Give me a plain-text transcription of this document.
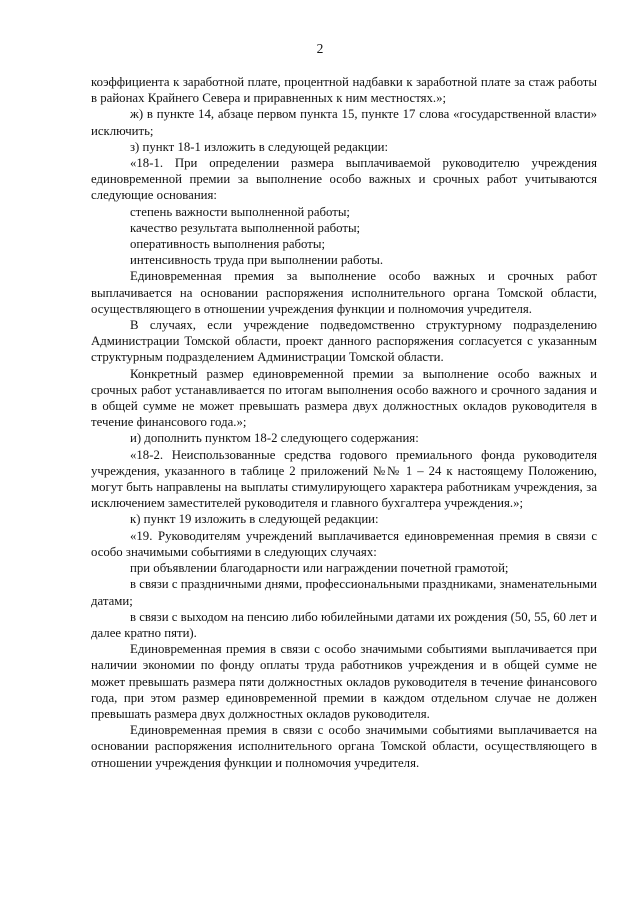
2

коэффициента к заработной плате, процентной надбавки к заработной плате за стаж работы в районах Крайнего Севера и приравненных к ним местностях.»;

ж) в пункте 14, абзаце первом пункта 15, пункте 17 слова «государственной власти» исключить;

з) пункт 18-1 изложить в следующей редакции:

«18-1. При определении размера выплачиваемой руководителю учреждения единовременной премии за выполнение особо важных и срочных работ учитываются следующие основания:

степень важности выполненной работы;

качество результата выполненной работы;

оперативность выполнения работы;

интенсивность труда при выполнении работы.

Единовременная премия за выполнение особо важных и срочных работ выплачивается на основании распоряжения исполнительного органа Томской области, осуществляющего в отношении учреждения функции и полномочия учредителя.

В случаях, если учреждение подведомственно структурному подразделению Администрации Томской области, проект данного распоряжения согласуется с указанным структурным подразделением Администрации Томской области.

Конкретный размер единовременной премии за выполнение особо важных и срочных работ устанавливается по итогам выполнения особо важного и срочного задания и в общей сумме не может превышать размера двух должностных окладов руководителя в течение финансового года.»;

и) дополнить пунктом 18-2 следующего содержания:

«18-2. Неиспользованные средства годового премиального фонда руководителя учреждения, указанного в таблице 2 приложений №№ 1 – 24 к настоящему Положению, могут быть направлены на выплаты стимулирующего характера работникам учреждения, за исключением заместителей руководителя и главного бухгалтера учреждения.»;

к) пункт 19 изложить в следующей редакции:

«19. Руководителям учреждений выплачивается единовременная премия в связи с особо значимыми событиями в следующих случаях:

при объявлении благодарности или награждении почетной грамотой;

в связи с праздничными днями, профессиональными праздниками, знаменательными датами;

в связи с выходом на пенсию либо юбилейными датами их рождения (50, 55, 60 лет и далее кратно пяти).

Единовременная премия в связи с особо значимыми событиями выплачивается при наличии экономии по фонду оплаты труда работников учреждения и в общей сумме не может превышать размера пяти должностных окладов руководителя в течение финансового года, при этом размер единовременной премии в каждом отдельном случае не должен превышать размера двух должностных окладов руководителя.

Единовременная премия в связи с особо значимыми событиями выплачивается на основании распоряжения исполнительного органа Томской области, осуществляющего в отношении учреждения функции и полномочия учредителя.
